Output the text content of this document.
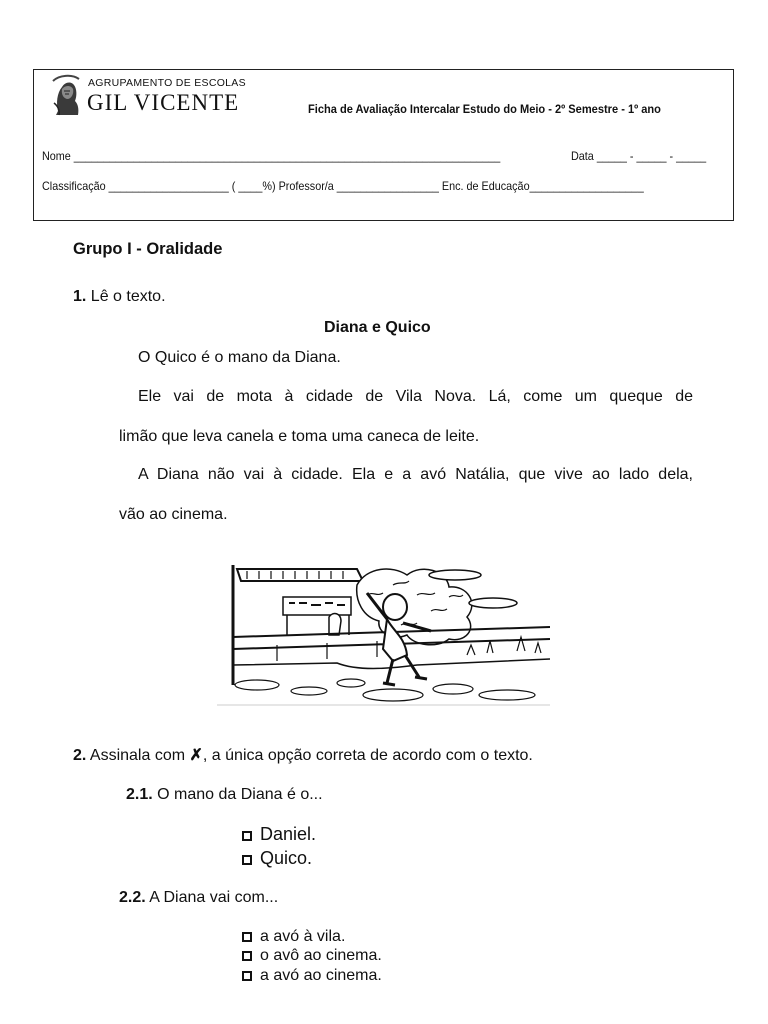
AGRUPAMENTO DE ESCOLAS
GIL VICENTE	Ficha de Avaliação Intercalar Estudo do Meio - 2º Semestre - 1º ano
Nome _______________________________________________________________________	Data _____ - _____ - _____
Classificação ____________________ ( ____%) Professor/a _________________ Enc. de Educação___________________
Grupo I - Oralidade
1. Lê o texto.
Diana e Quico
O Quico é o mano da Diana.
Ele vai de mota à cidade de Vila Nova. Lá, come um queque de
limão que leva canela e toma uma caneca de leite.
A Diana não vai à cidade. Ela e a avó Natália, que vive ao lado dela,
vão ao cinema.
2. Assinala com ✗, a única opção correta de acordo com o texto.
2.1. O mano da Diana é o...
Daniel.
Quico.
2.2. A Diana vai com...
a avó à vila.
o avô ao cinema.
a avó ao cinema.
